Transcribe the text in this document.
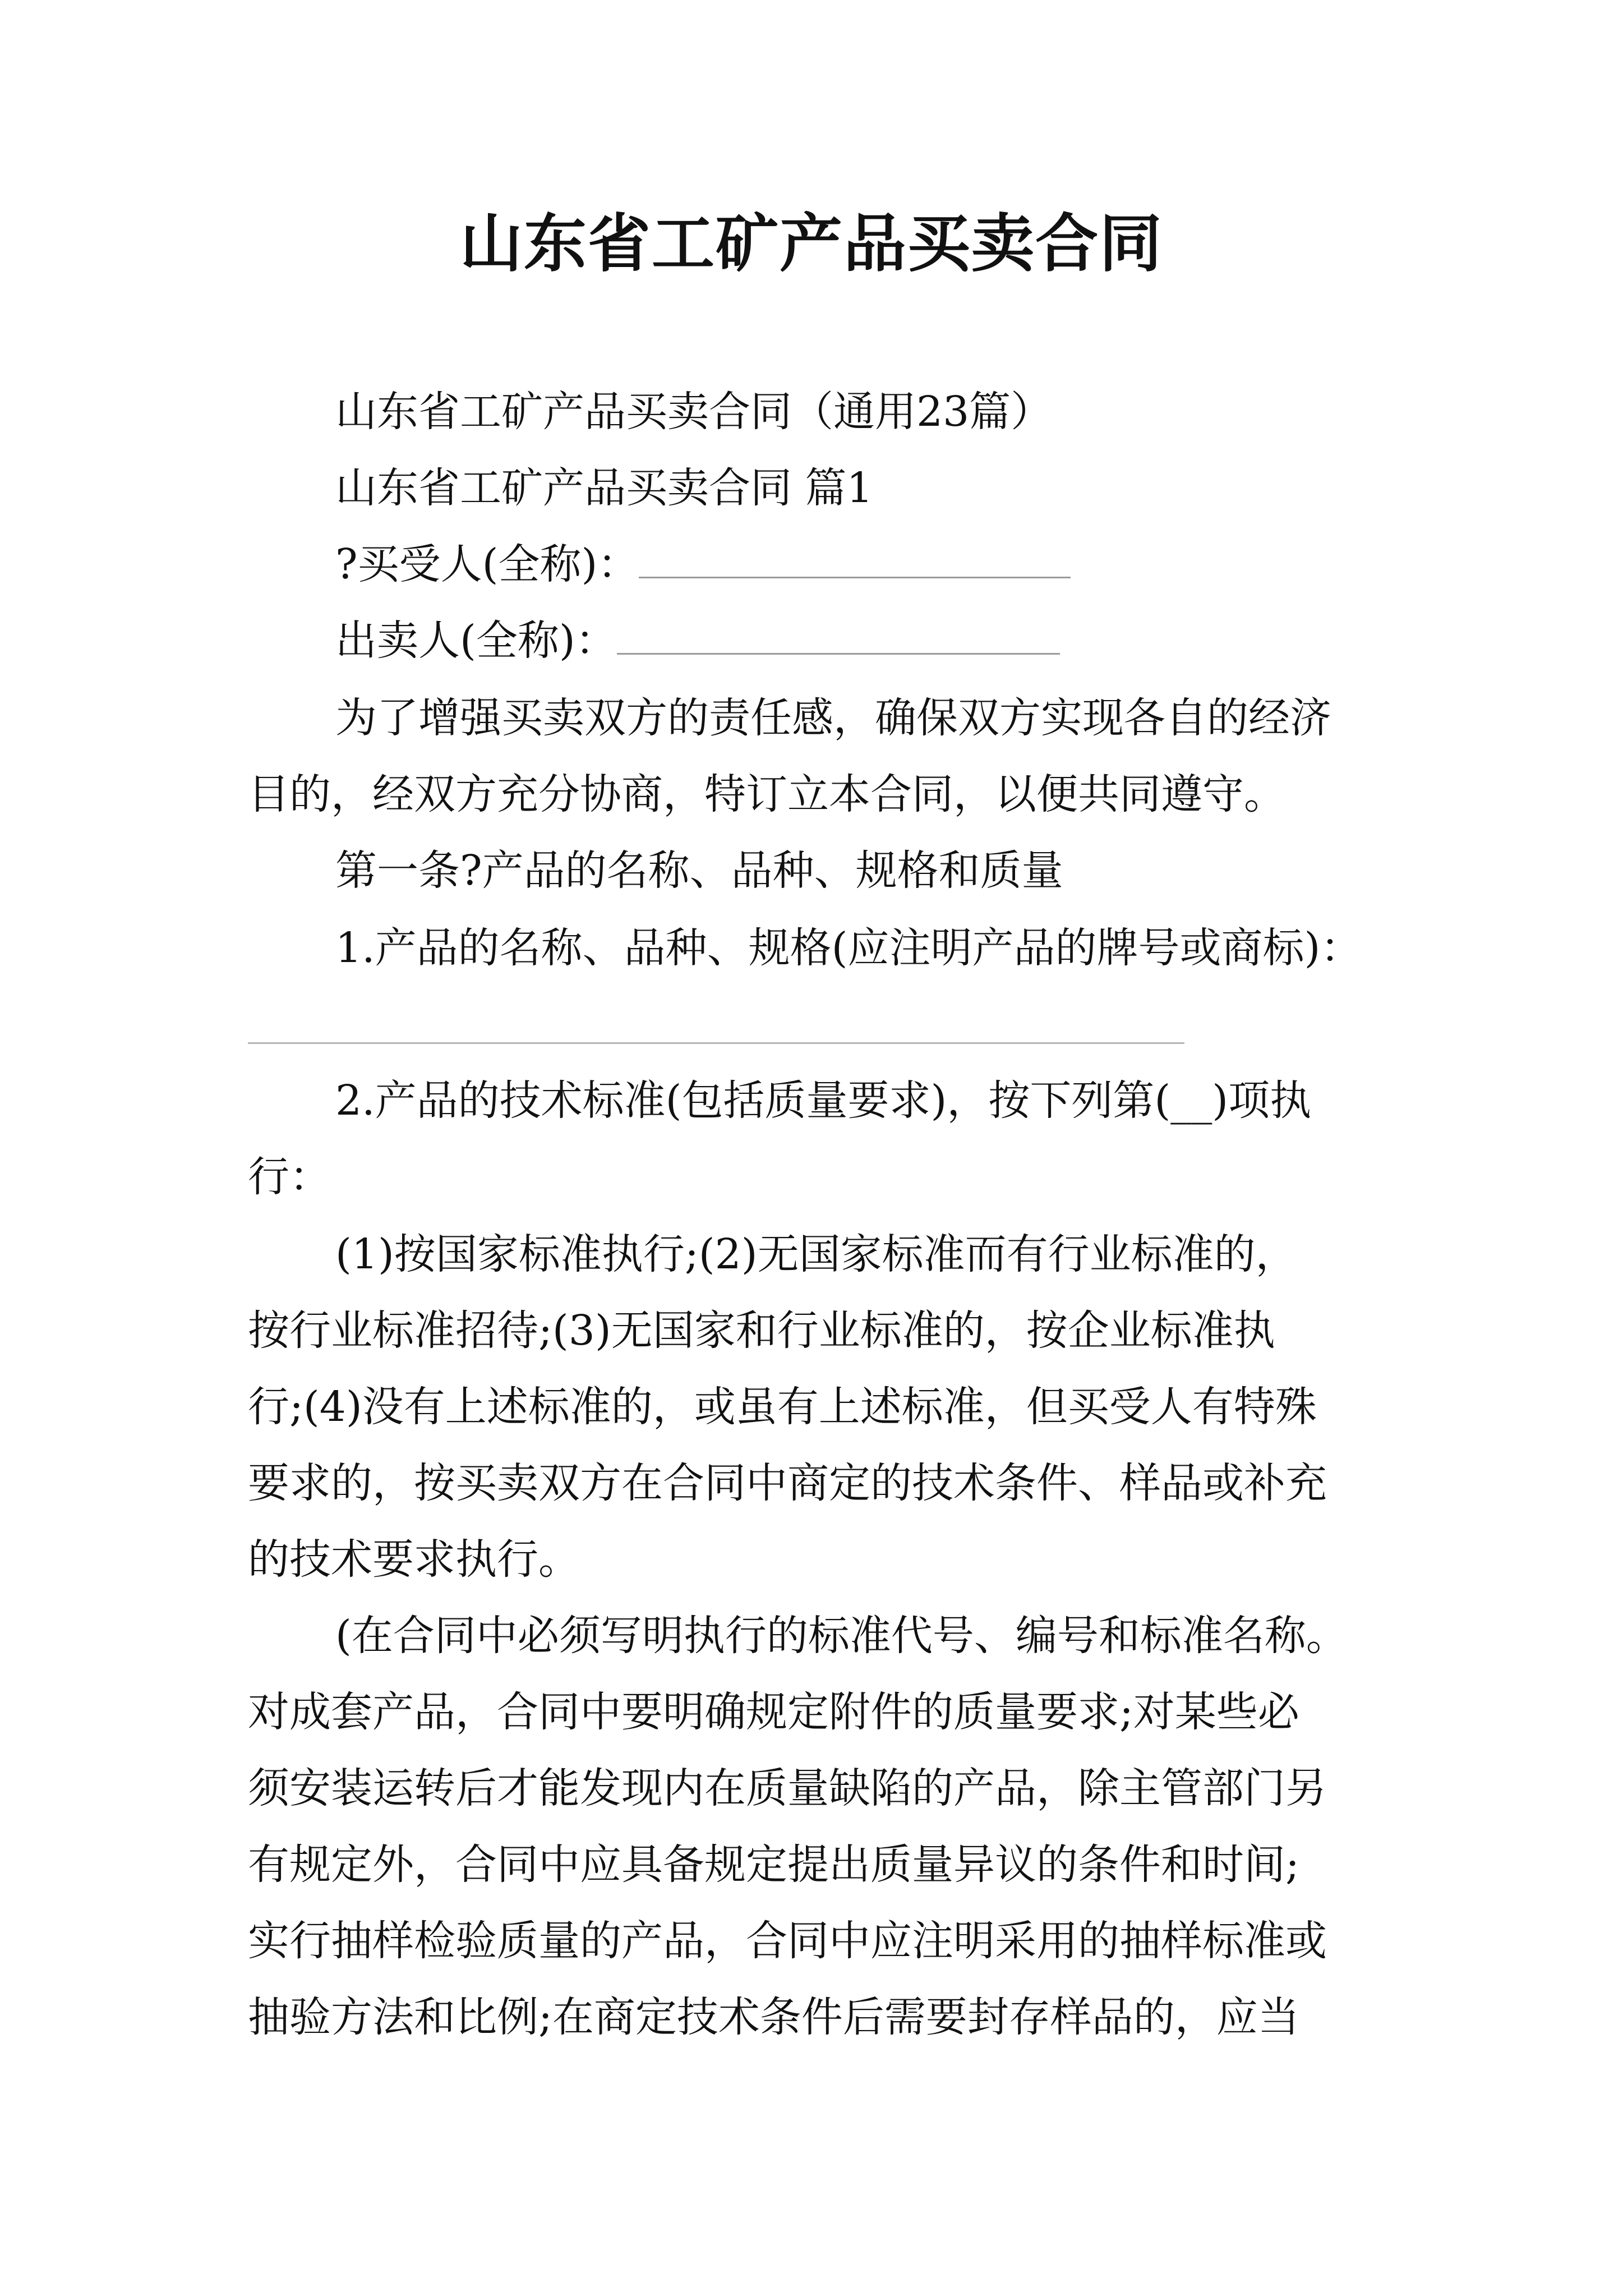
山东省工矿产品买卖合同
山东省工矿产品买卖合同（通用23篇）
山东省工矿产品买卖合同 篇1
?买受人(全称)：
出卖人(全称)：
为了增强买卖双方的责任感，确保双方实现各自的经济
目的，经双方充分协商，特订立本合同，以便共同遵守。
第一条?产品的名称、品种、规格和质量
1.产品的名称、品种、规格(应注明产品的牌号或商标)：
2.产品的技术标准(包括质量要求)，按下列第(__)项执
行：
(1)按国家标准执行;(2)无国家标准而有行业标准的，
按行业标准招待;(3)无国家和行业标准的，按企业标准执
行;(4)没有上述标准的，或虽有上述标准，但买受人有特殊
要求的，按买卖双方在合同中商定的技术条件、样品或补充
的技术要求执行。
(在合同中必须写明执行的标准代号、编号和标准名称。
对成套产品，合同中要明确规定附件的质量要求;对某些必
须安装运转后才能发现内在质量缺陷的产品，除主管部门另
有规定外，合同中应具备规定提出质量异议的条件和时间;
实行抽样检验质量的产品，合同中应注明采用的抽样标准或
抽验方法和比例;在商定技术条件后需要封存样品的，应当
